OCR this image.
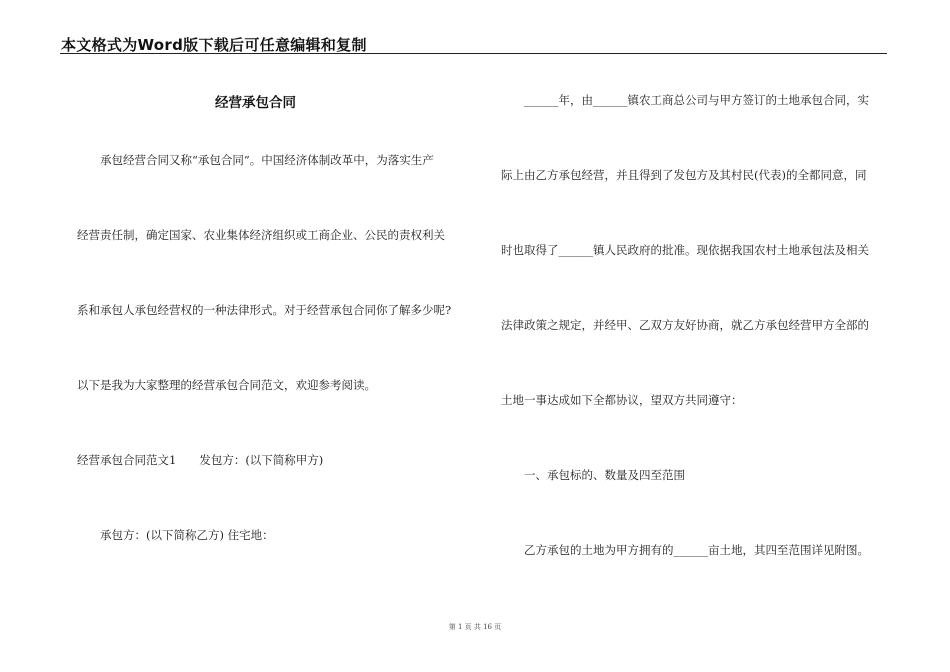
本文格式为Word版下载后可任意编辑和复制
经营承包合同
承包经营合同又称“承包合同”。中国经济体制改革中，为落实生产
经营责任制，确定国家、农业集体经济组织或工商企业、公民的责权利关
系和承包人承包经营权的一种法律形式。对于经营承包合同你了解多少呢?
以下是我为大家整理的经营承包合同范文，欢迎参考阅读。
经营承包合同范文1　　发包方：(以下简称甲方)
承包方：(以下简称乙方) 住宅地：
______年，由______镇农工商总公司与甲方签订的土地承包合同，实
际上由乙方承包经营，并且得到了发包方及其村民(代表)的全都同意，同
时也取得了______镇人民政府的批准。现依据我国农村土地承包法及相关
法律政策之规定，并经甲、乙双方友好协商，就乙方承包经营甲方全部的
土地一事达成如下全都协议，望双方共同遵守：
一、承包标的、数量及四至范围
乙方承包的土地为甲方拥有的______亩土地，其四至范围详见附图。
第 1 页 共 16 页
